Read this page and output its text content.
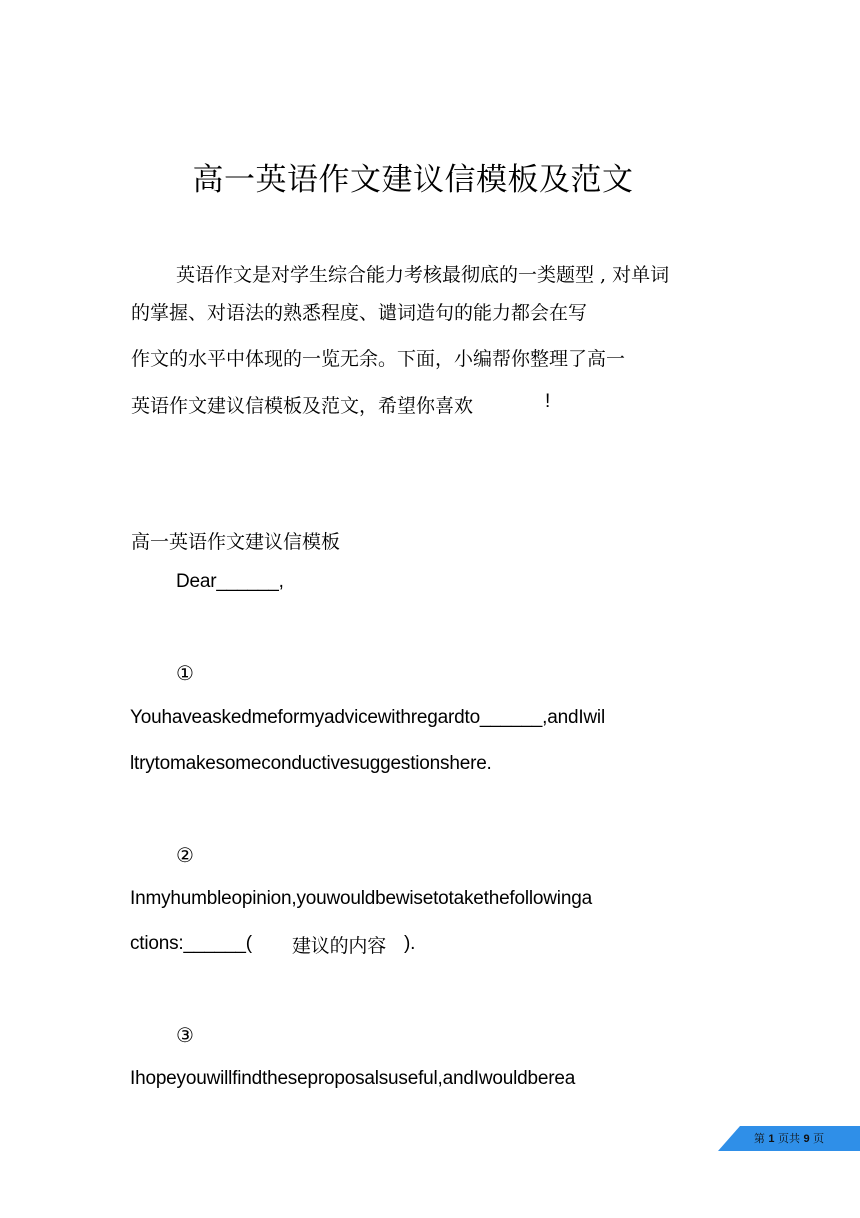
高一英语作文建议信模板及范文
英语作文是对学生综合能力考核最彻底的一类题型 , 对单词
的掌握、对语法的熟悉程度、谴词造句的能力都会在写
作文的水平中体现的一览无余。下面，小编帮你整理了高一
英语作文建议信模板及范文，希望你喜欢	!
高一英语作文建议信模板
Dear______,
①
Youhaveaskedmeformyadvicewithregardto______,andIwil
ltrytomakesomeconductivesuggestionshere.
②
Inmyhumbleopinion,youwouldbewisetotakethefollowinga
ctions:______( 建议的内容 ).
③
Ihopeyouwillfindtheseproposalsuseful,andIwouldberea
第 1 页共 9 页
